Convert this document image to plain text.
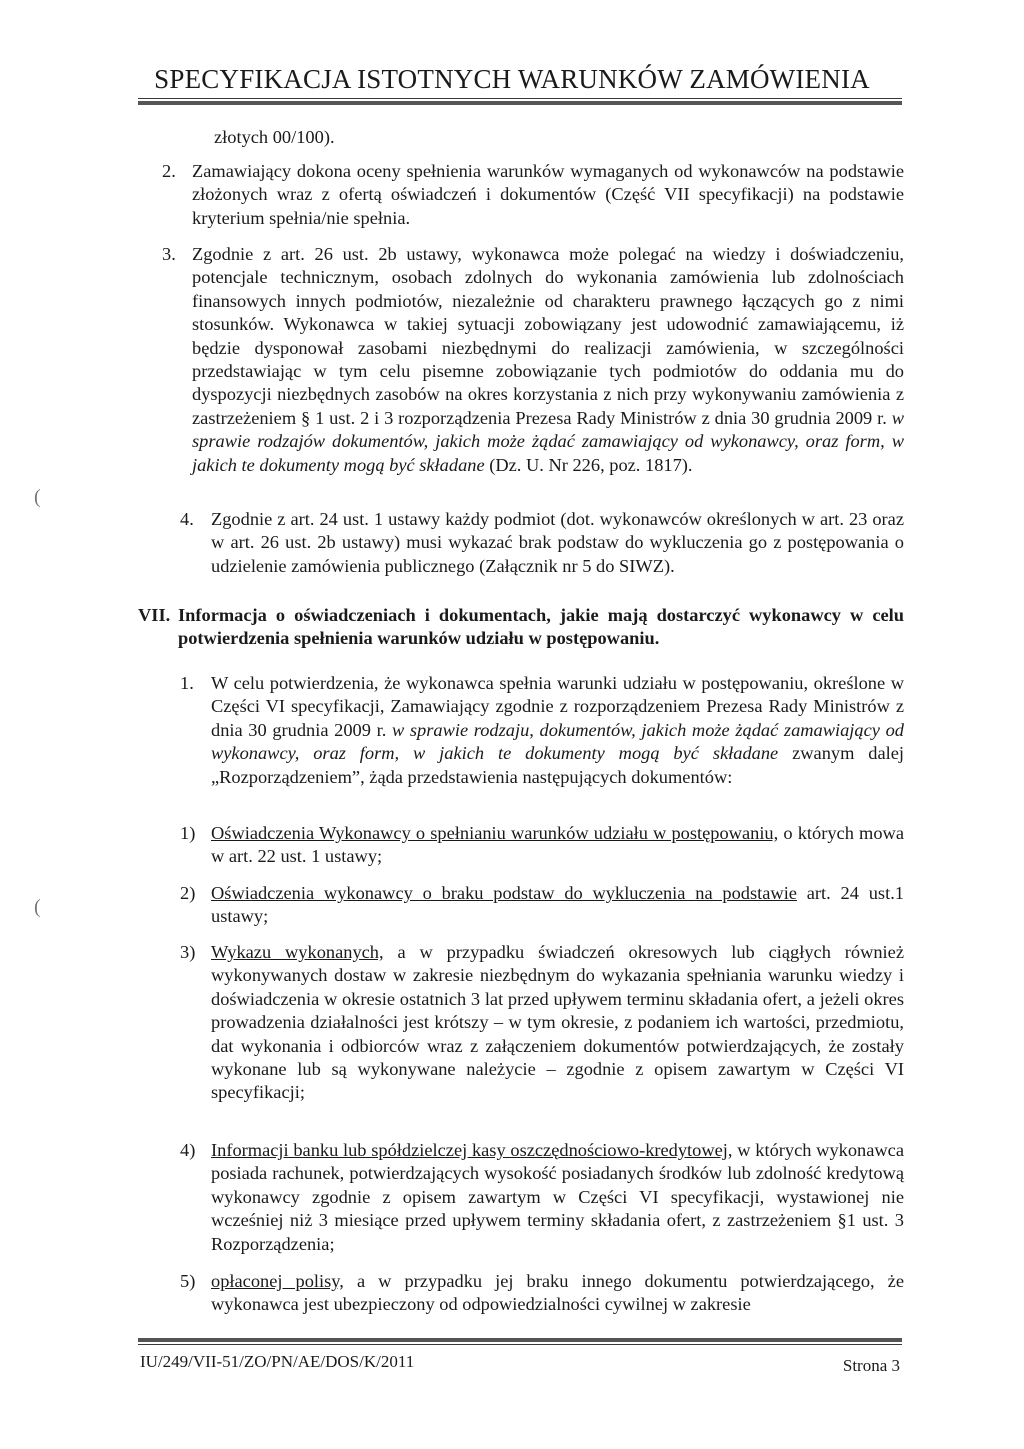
SPECYFIKACJA ISTOTNYCH WARUNKÓW ZAMÓWIENIA
złotych 00/100).
2. Zamawiający dokona oceny spełnienia warunków wymaganych od wykonawców na podstawie złożonych wraz z ofertą oświadczeń i dokumentów (Część VII specyfikacji) na podstawie kryterium spełnia/nie spełnia.
3. Zgodnie z art. 26 ust. 2b ustawy, wykonawca może polegać na wiedzy i doświadczeniu, potencjale technicznym, osobach zdolnych do wykonania zamówienia lub zdolnościach finansowych innych podmiotów, niezależnie od charakteru prawnego łączących go z nimi stosunków. Wykonawca w takiej sytuacji zobowiązany jest udowodnić zamawiającemu, iż będzie dysponował zasobami niezbędnymi do realizacji zamówienia, w szczególności przedstawiając w tym celu pisemne zobowiązanie tych podmiotów do oddania mu do dyspozycji niezbędnych zasobów na okres korzystania z nich przy wykonywaniu zamówienia z zastrzeżeniem § 1 ust. 2 i 3 rozporządzenia Prezesa Rady Ministrów z dnia 30 grudnia 2009 r. w sprawie rodzajów dokumentów, jakich może żądać zamawiający od wykonawcy, oraz form, w jakich te dokumenty mogą być składane (Dz. U. Nr 226, poz. 1817).
(
4. Zgodnie z art. 24 ust. 1 ustawy każdy podmiot (dot. wykonawców określonych w art. 23 oraz w art. 26 ust. 2b ustawy) musi wykazać brak podstaw do wykluczenia go z postępowania o udzielenie zamówienia publicznego (Załącznik nr 5 do SIWZ).
VII. Informacja o oświadczeniach i dokumentach, jakie mają dostarczyć wykonawcy w celu potwierdzenia spełnienia warunków udziału w postępowaniu.
1. W celu potwierdzenia, że wykonawca spełnia warunki udziału w postępowaniu, określone w Części VI specyfikacji, Zamawiający zgodnie z rozporządzeniem Prezesa Rady Ministrów z dnia 30 grudnia 2009 r. w sprawie rodzaju, dokumentów, jakich może żądać zamawiający od wykonawcy, oraz form, w jakich te dokumenty mogą być składane zwanym dalej „Rozporządzeniem”, żąda przedstawienia następujących dokumentów:
1) Oświadczenia Wykonawcy o spełnianiu warunków udziału w postępowaniu, o których mowa w art. 22 ust. 1 ustawy;
(
2) Oświadczenia wykonawcy o braku podstaw do wykluczenia na podstawie art. 24 ust.1 ustawy;
3) Wykazu wykonanych, a w przypadku świadczeń okresowych lub ciągłych również wykonywanych dostaw w zakresie niezbędnym do wykazania spełniania warunku wiedzy i doświadczenia w okresie ostatnich 3 lat przed upływem terminu składania ofert, a jeżeli okres prowadzenia działalności jest krótszy – w tym okresie, z podaniem ich wartości, przedmiotu, dat wykonania i odbiorców wraz z załączeniem dokumentów potwierdzających, że zostały wykonane lub są wykonywane należycie – zgodnie z opisem zawartym w Części VI specyfikacji;
4) Informacji banku lub spółdzielczej kasy oszczędnościowo-kredytowej, w których wykonawca posiada rachunek, potwierdzających wysokość posiadanych środków lub zdolność kredytową wykonawcy zgodnie z opisem zawartym w Części VI specyfikacji, wystawionej nie wcześniej niż 3 miesiące przed upływem terminy składania ofert, z zastrzeżeniem §1 ust. 3 Rozporządzenia;
5) opłaconej polisy, a w przypadku jej braku innego dokumentu potwierdzającego, że wykonawca jest ubezpieczony od odpowiedzialności cywilnej w zakresie
IU/249/VII-51/ZO/PN/AE/DOS/K/2011	Strona 3
